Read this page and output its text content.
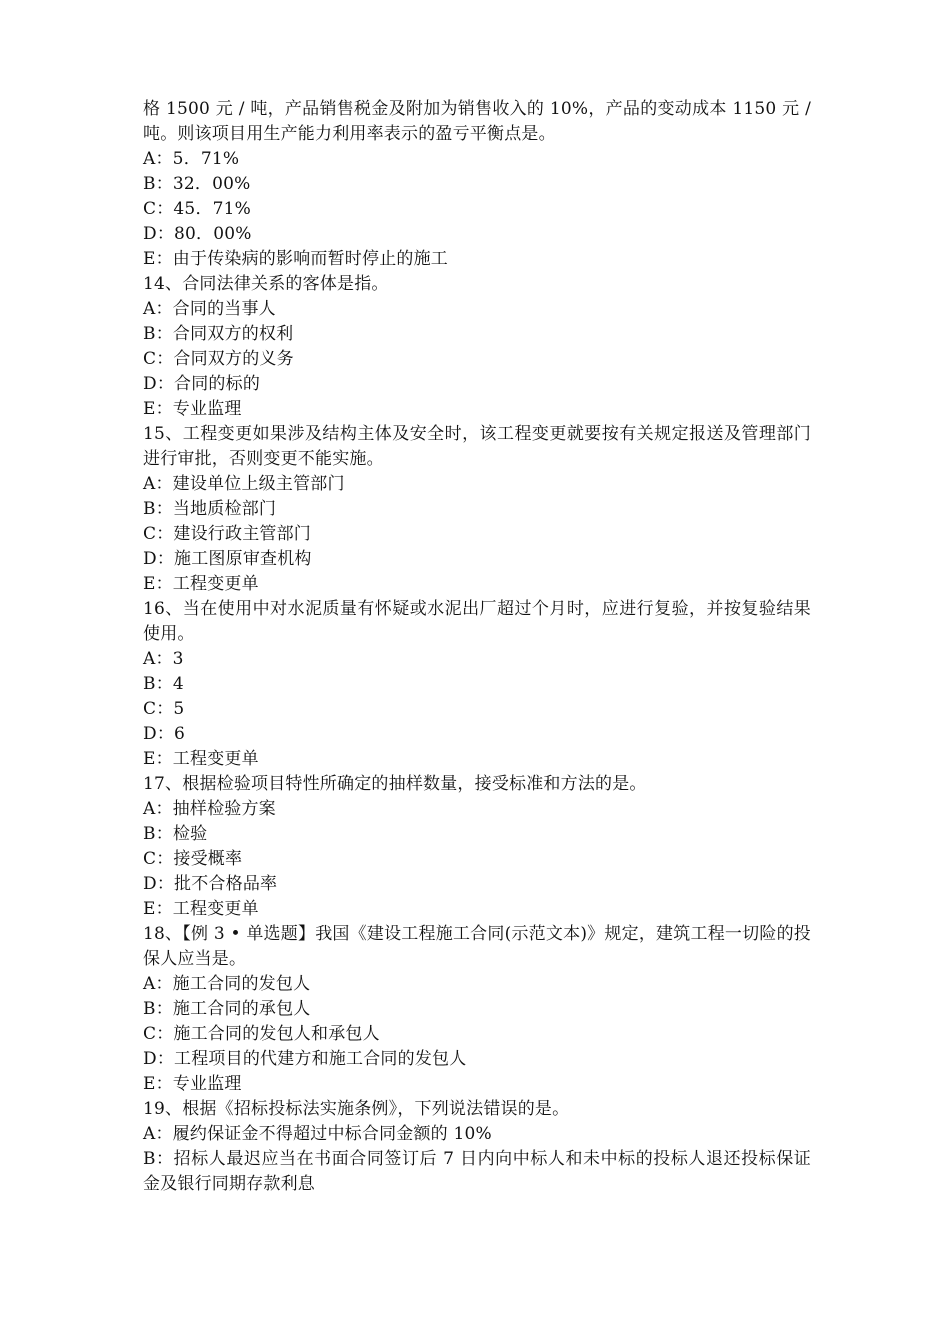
格 1500 元 / 吨，产品销售税金及附加为销售收入的 10%，产品的变动成本 1150 元 / 吨。则该项目用生产能力利用率表示的盈亏平衡点是。

A：5．71%

B：32．00%

C：45．71%

D：80．00%

E：由于传染病的影响而暂时停止的施工

14、合同法律关系的客体是指。

A：合同的当事人

B：合同双方的权利

C：合同双方的义务

D：合同的标的

E：专业监理

15、工程变更如果涉及结构主体及安全时，该工程变更就要按有关规定报送及管理部门进行审批，否则变更不能实施。

A：建设单位上级主管部门

B：当地质检部门

C：建设行政主管部门

D：施工图原审查机构

E：工程变更单

16、当在使用中对水泥质量有怀疑或水泥出厂超过个月时，应进行复验，并按复验结果使用。

A：3

B：4

C：5

D：6

E：工程变更单

17、根据检验项目特性所确定的抽样数量，接受标准和方法的是。

A：抽样检验方案

B：检验

C：接受概率

D：批不合格品率

E：工程变更单

18、【例 3 • 单选题】我国《建设工程施工合同(示范文本)》规定，建筑工程一切险的投保人应当是。

A：施工合同的发包人

B：施工合同的承包人

C：施工合同的发包人和承包人

D：工程项目的代建方和施工合同的发包人

E：专业监理

19、根据《招标投标法实施条例》，下列说法错误的是。

A：履约保证金不得超过中标合同金额的 10%

B：招标人最迟应当在书面合同签订后 7 日内向中标人和未中标的投标人退还投标保证金及银行同期存款利息
